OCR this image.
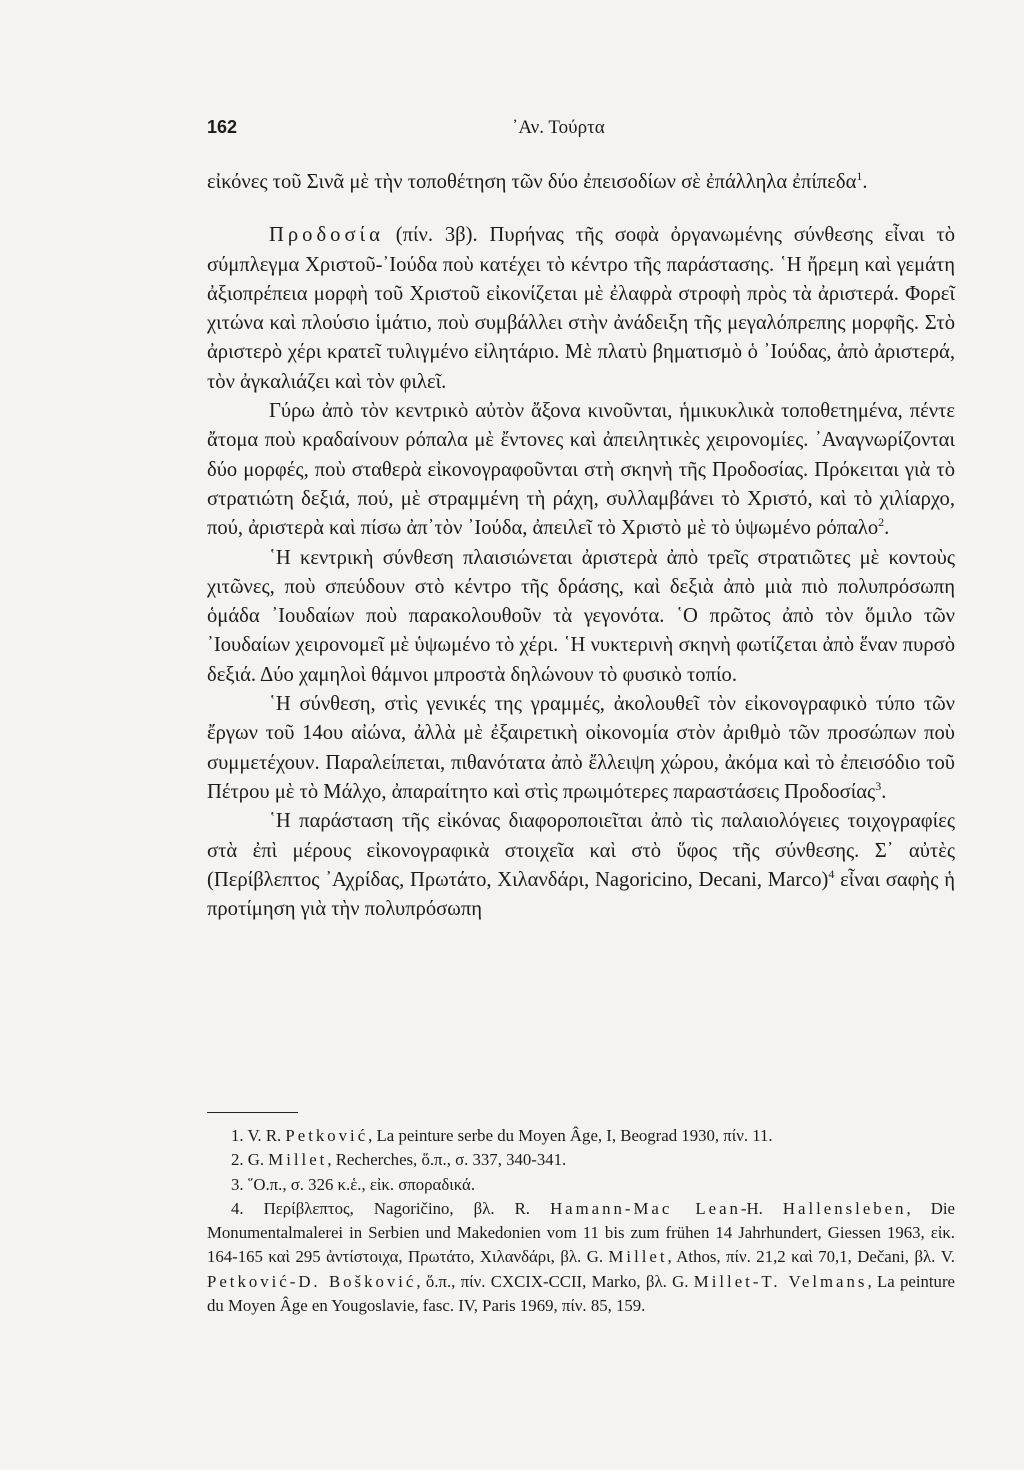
162	᾿Αν. Τούρτα

εἰκόνες τοῦ Σινᾶ μὲ τὴν τοποθέτηση τῶν δύο ἐπεισοδίων σὲ ἐπάλληλα ἐπίπεδα$^1$.

Προδοσία (πίν. 3β). Πυρήνας τῆς σοφὰ ὀργανωμένης σύνθεσης εἶναι τὸ σύμπλεγμα Χριστοῦ-᾿Ιούδα ποὺ κατέχει τὸ κέντρο τῆς παράστασης. ῾Η ἤρεμη καὶ γεμάτη ἀξιοπρέπεια μορφὴ τοῦ Χριστοῦ εἰκονίζεται μὲ ἐλαφρὰ στροφὴ πρὸς τὰ ἀριστερά. Φορεῖ χιτώνα καὶ πλούσιο ἱμάτιο, ποὺ συμβάλλει στὴν ἀνάδειξη τῆς μεγαλόπρεπης μορφῆς. Στὸ ἀριστερὸ χέρι κρατεῖ τυλιγμένο εἰλητάριο. Μὲ πλατὺ βηματισμὸ ὁ ᾿Ιούδας, ἀπὸ ἀριστερά, τὸν ἀγκαλιάζει καὶ τὸν φιλεῖ.

Γύρω ἀπὸ τὸν κεντρικὸ αὐτὸν ἄξονα κινοῦνται, ἡμικυκλικὰ τοποθετημένα, πέντε ἄτομα ποὺ κραδαίνουν ρόπαλα μὲ ἔντονες καὶ ἀπειλητικὲς χειρονομίες. ᾿Αναγνωρίζονται δύο μορφές, ποὺ σταθερὰ εἰκονογραφοῦνται στὴ σκηνὴ τῆς Προδοσίας. Πρόκειται γιὰ τὸ στρατιώτη δεξιά, πού, μὲ στραμμένη τὴ ράχη, συλλαμβάνει τὸ Χριστό, καὶ τὸ χιλίαρχο, πού, ἀριστερὰ καὶ πίσω ἀπ᾿τὸν ᾿Ιούδα, ἀπειλεῖ τὸ Χριστὸ μὲ τὸ ὑψωμένο ρόπαλο$^2$.

῾Η κεντρικὴ σύνθεση πλαισιώνεται ἀριστερὰ ἀπὸ τρεῖς στρατιῶτες μὲ κοντοὺς χιτῶνες, ποὺ σπεύδουν στὸ κέντρο τῆς δράσης, καὶ δεξιὰ ἀπὸ μιὰ πιὸ πολυπρόσωπη ὁμάδα ᾿Ιουδαίων ποὺ παρακολουθοῦν τὰ γεγονότα. ῾Ο πρῶτος ἀπὸ τὸν ὅμιλο τῶν ᾿Ιουδαίων χειρονομεῖ μὲ ὑψωμένο τὸ χέρι. ῾Η νυκτερινὴ σκηνὴ φωτίζεται ἀπὸ ἕναν πυρσὸ δεξιά. Δύο χαμηλοὶ θάμνοι μπροστὰ δηλώνουν τὸ φυσικὸ τοπίο.

῾Η σύνθεση, στὶς γενικές της γραμμές, ἀκολουθεῖ τὸν εἰκονογραφικὸ τύπο τῶν ἔργων τοῦ 14ου αἰώνα, ἀλλὰ μὲ ἐξαιρετικὴ οἰκονομία στὸν ἀριθμὸ τῶν προσώπων ποὺ συμμετέχουν. Παραλείπεται, πιθανότατα ἀπὸ ἔλλειψη χώρου, ἀκόμα καὶ τὸ ἐπεισόδιο τοῦ Πέτρου μὲ τὸ Μάλχο, ἀπαραίτητο καὶ στὶς πρωιμότερες παραστάσεις Προδοσίας$^3$.

῾Η παράσταση τῆς εἰκόνας διαφοροποιεῖται ἀπὸ τὶς παλαιολόγειες τοιχογραφίες στὰ ἐπὶ μέρους εἰκονογραφικὰ στοιχεῖα καὶ στὸ ὕφος τῆς σύνθεσης. Σ᾿ αὐτὲς (Περίβλεπτος ᾿Αχρίδας, Πρωτάτο, Χιλανδάρι, Nagoricino, Decani, Marco)$^4$ εἶναι σαφὴς ἡ προτίμηση γιὰ τὴν πολυπρόσωπη

1. V. R. Petković, La peinture serbe du Moyen Âge, I, Beograd 1930, πίν. 11.

2. G. Millet, Recherches, ὅ.π., σ. 337, 340-341.

3. ῞Ο.π., σ. 326 κ.ἑ., εἰκ. σποραδικά.

4. Περίβλεπτος, Nagoričino, βλ. R. Hamann-Mac Lean-H. Hallensleben, Die Monumentalmalerei in Serbien und Makedonien vom 11 bis zum frühen 14 Jahrhundert, Giessen 1963, εἰκ. 164-165 καὶ 295 ἀντίστοιχα, Πρωτάτο, Χιλανδάρι, βλ. G. Millet, Athos, πίν. 21,2 καὶ 70,1, Dečani, βλ. V. Petković-D. Bošković, ὅ.π., πίν. CXCIX-CCII, Marko, βλ. G. Millet-T. Velmans, La peinture du Moyen Âge en Yougoslavie, fasc. IV, Paris 1969, πίν. 85, 159.
